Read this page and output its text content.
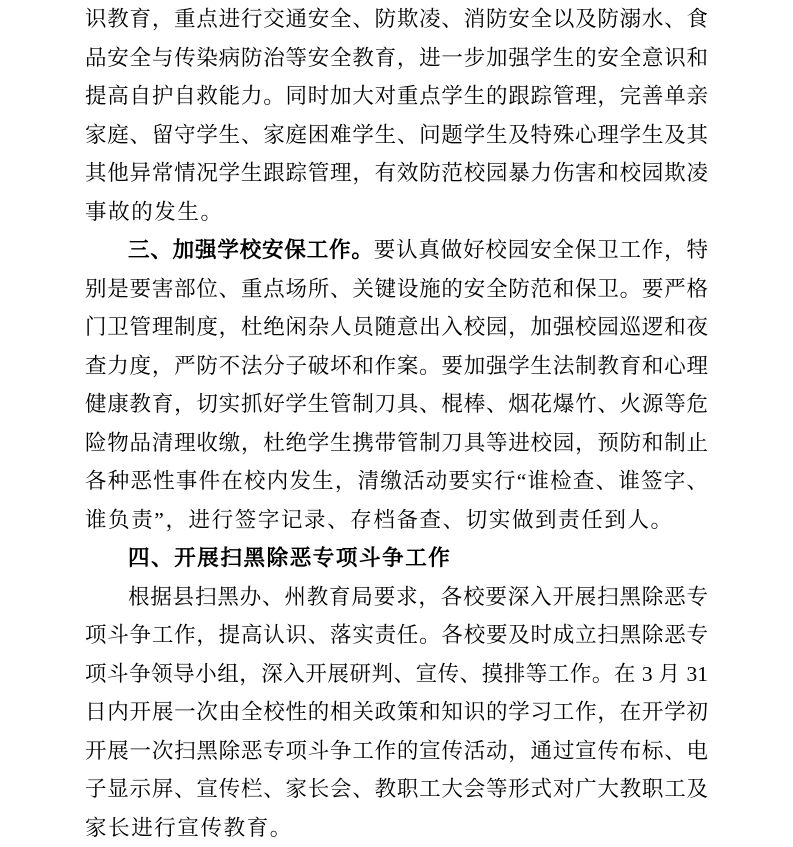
识教育，重点进行交通安全、防欺凌、消防安全以及防溺水、食
品安全与传染病防治等安全教育，进一步加强学生的安全意识和
提高自护自救能力。同时加大对重点学生的跟踪管理，完善单亲
家庭、留守学生、家庭困难学生、问题学生及特殊心理学生及其
其他异常情况学生跟踪管理，有效防范校园暴力伤害和校园欺凌
事故的发生。
三、加强学校安保工作。要认真做好校园安全保卫工作，特
别是要害部位、重点场所、关键设施的安全防范和保卫。要严格
门卫管理制度，杜绝闲杂人员随意出入校园，加强校园巡逻和夜
查力度，严防不法分子破坏和作案。要加强学生法制教育和心理
健康教育，切实抓好学生管制刀具、棍棒、烟花爆竹、火源等危
险物品清理收缴，杜绝学生携带管制刀具等进校园，预防和制止
各种恶性事件在校内发生，清缴活动要实行“谁检查、谁签字、
谁负责”，进行签字记录、存档备查、切实做到责任到人。
四、开展扫黑除恶专项斗争工作
根据县扫黑办、州教育局要求，各校要深入开展扫黑除恶专
项斗争工作，提高认识、落实责任。各校要及时成立扫黑除恶专
项斗争领导小组，深入开展研判、宣传、摸排等工作。在 3 月 31
日内开展一次由全校性的相关政策和知识的学习工作，在开学初
开展一次扫黑除恶专项斗争工作的宣传活动，通过宣传布标、电
子显示屏、宣传栏、家长会、教职工大会等形式对广大教职工及
家长进行宣传教育。
